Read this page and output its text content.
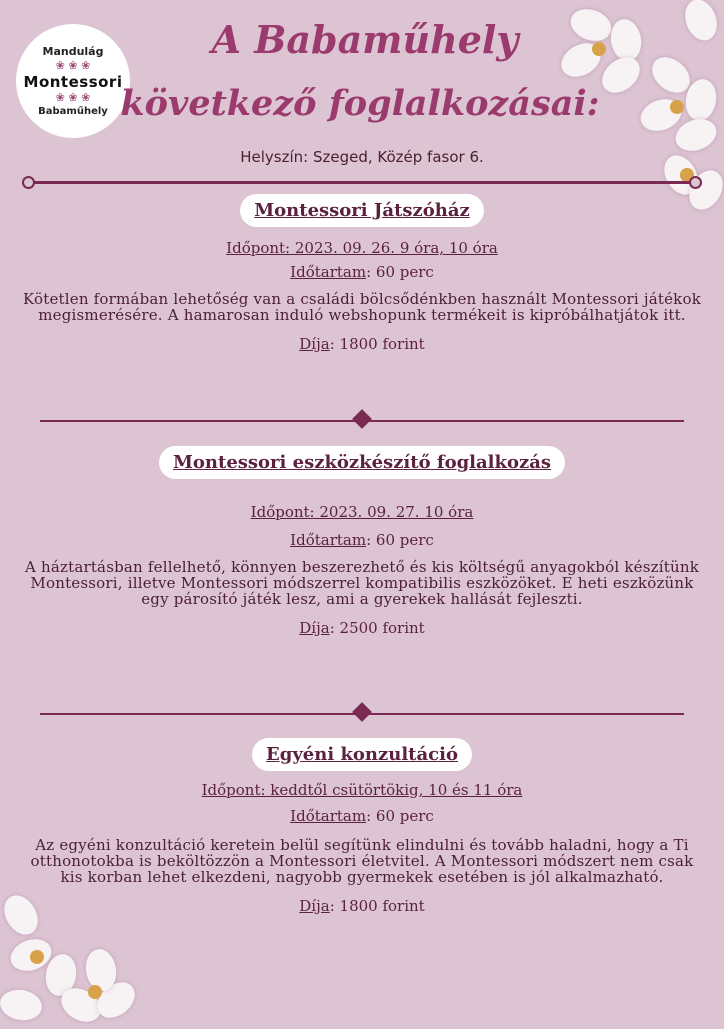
Mandulág
❀ ❀ ❀
Montessori
❀ ❀ ❀
Babaműhely
A Babaműhely
következő foglalkozásai:
Helyszín: Szeged, Közép fasor 6.
Montessori Játszóház

Időpont: 2023. 09. 26. 9 óra, 10 óra

Időtartam: 60 perc

Kötetlen formában lehetőség van a családi bölcsődénkben használt Montessori játékok megismerésére. A hamarosan induló webshopunk termékeit is kipróbálhatjátok itt.

Díja: 1800 forint

Montessori eszközkészítő foglalkozás

Időpont: 2023. 09. 27. 10 óra

Időtartam: 60 perc

A háztartásban fellelhető, könnyen beszerezhető és kis költségű anyagokból készítünk Montessori, illetve Montessori módszerrel kompatibilis eszközöket. E heti eszközünk egy párosító játék lesz, ami a gyerekek hallását fejleszti.

Díja: 2500 forint

Egyéni konzultáció

Időpont: keddtől csütörtökig, 10 és 11 óra

Időtartam: 60 perc

Az egyéni konzultáció keretein belül segítünk elindulni és tovább haladni, hogy a Ti otthonotokba is beköltözzön a Montessori életvitel. A Montessori módszert nem csak kis korban lehet elkezdeni, nagyobb gyermekek esetében is jól alkalmazható.

Díja: 1800 forint
